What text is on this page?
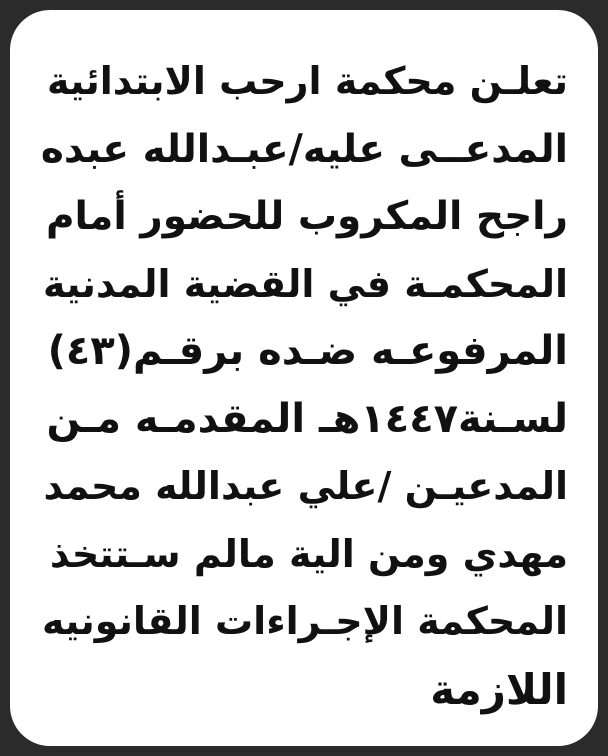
تعلـن محكمة ارحب الابتدائية
المدعــى عليه/عبـدالله عبده
راجح المكروب للحضور أمام
المحكمـة في القضية المدنية
المرفوعـه ضـده برقـم(٤٣)
لسـنة١٤٤٧هـ المقدمـه مـن
المدعيـن /علي عبدالله محمد
مهدي ومن الية مالم سـتتخذ
المحكمة الإجـراءات القانونيه
اللازمة
